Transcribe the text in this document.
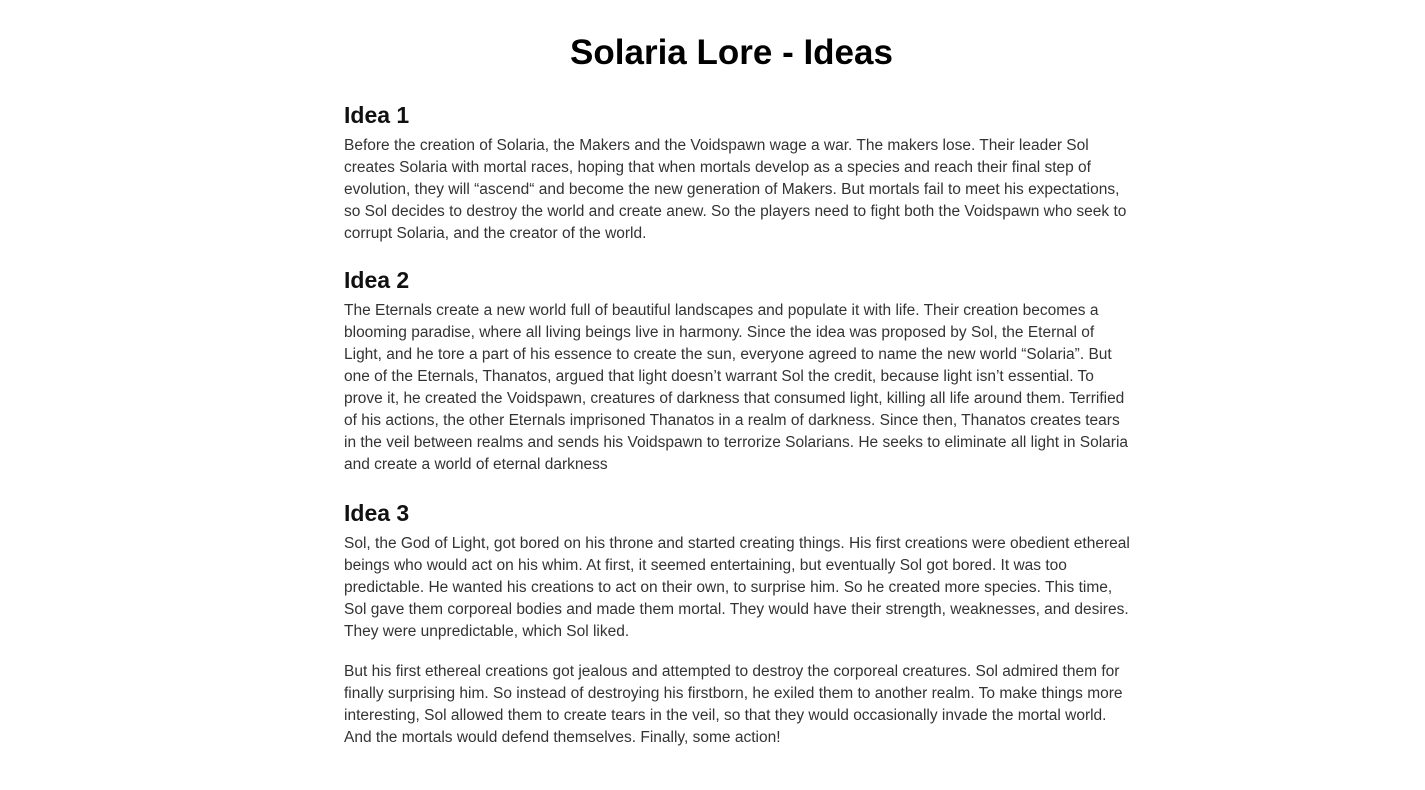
Solaria Lore - Ideas
Idea 1

Before the creation of Solaria, the Makers and the Voidspawn wage a war. The makers lose. Their leader Sol creates Solaria with mortal races, hoping that when mortals develop as a species and reach their final step of evolution, they will “ascend“ and become the new generation of Makers. But mortals fail to meet his expectations, so Sol decides to destroy the world and create anew. So the players need to fight both the Voidspawn who seek to corrupt Solaria, and the creator of the world.

Idea 2

The Eternals create a new world full of beautiful landscapes and populate it with life. Their creation becomes a blooming paradise, where all living beings live in harmony. Since the idea was proposed by Sol, the Eternal of Light, and he tore a part of his essence to create the sun, everyone agreed to name the new world “Solaria”. But one of the Eternals, Thanatos, argued that light doesn’t warrant Sol the credit, because light isn’t essential. To prove it, he created the Voidspawn, creatures of darkness that consumed light, killing all life around them. Terrified of his actions, the other Eternals imprisoned Thanatos in a realm of darkness. Since then, Thanatos creates tears in the veil between realms and sends his Voidspawn to terrorize Solarians. He seeks to eliminate all light in Solaria and create a world of eternal darkness

Idea 3

Sol, the God of Light, got bored on his throne and started creating things. His first creations were obedient ethereal beings who would act on his whim. At first, it seemed entertaining, but eventually Sol got bored. It was too predictable. He wanted his creations to act on their own, to surprise him. So he created more species. This time, Sol gave them corporeal bodies and made them mortal. They would have their strength, weaknesses, and desires. They were unpredictable, which Sol liked.

But his first ethereal creations got jealous and attempted to destroy the corporeal creatures. Sol admired them for finally surprising him. So instead of destroying his firstborn, he exiled them to another realm. To make things more interesting, Sol allowed them to create tears in the veil, so that they would occasionally invade the mortal world. And the mortals would defend themselves. Finally, some action!
